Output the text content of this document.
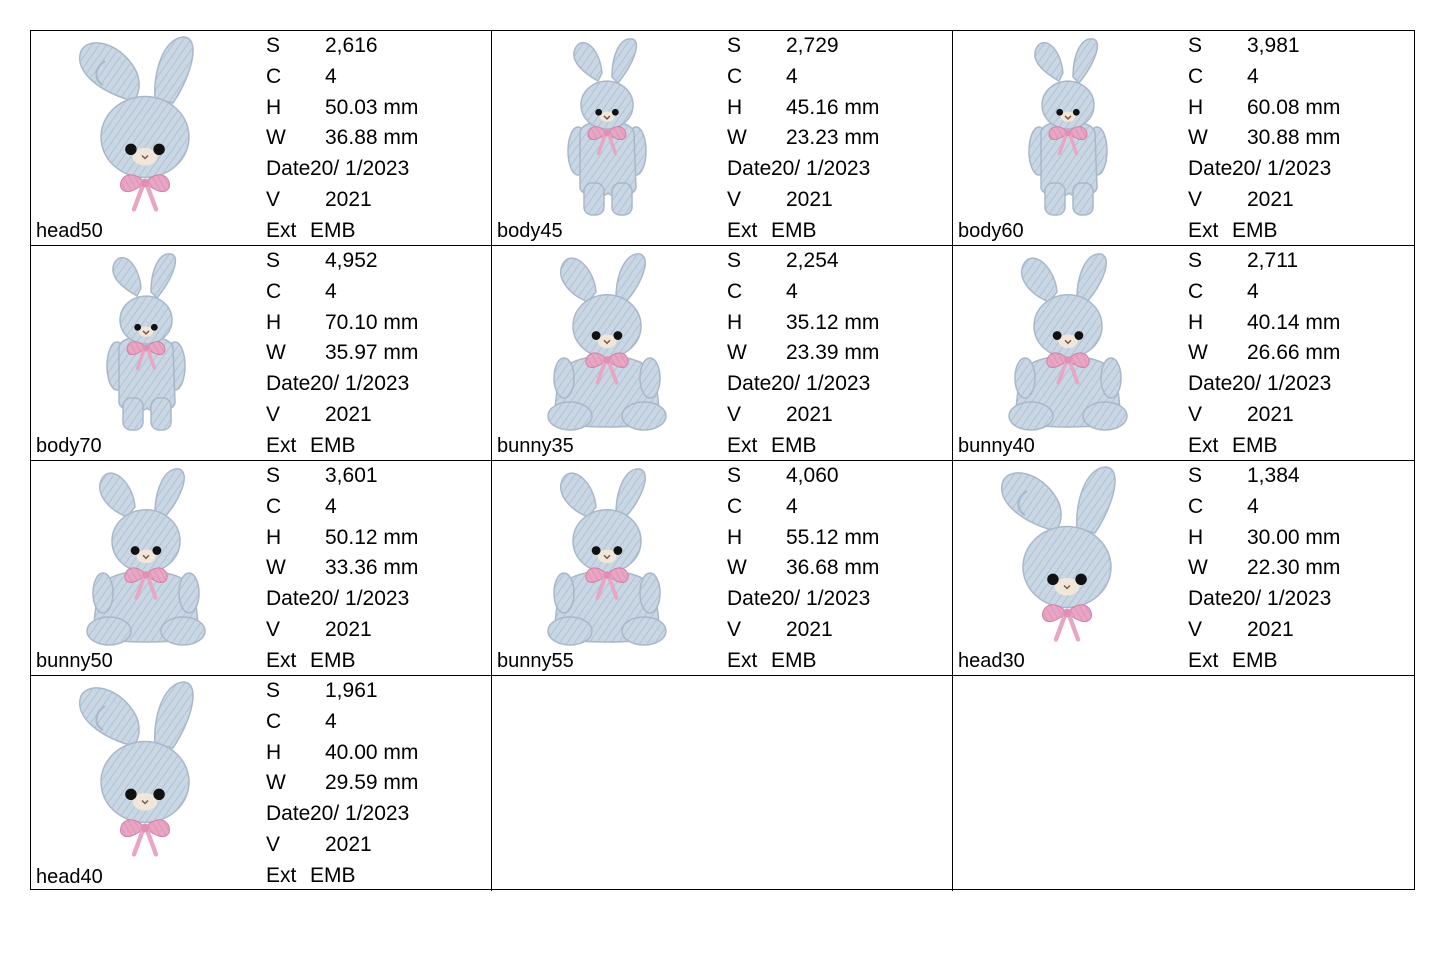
S 2,616
C 4
H 50.03 mm
W 36.88 mm
Date 20/ 1/2023
V 2021
Ext EMB
head50
S 2,729
C 4
H 45.16 mm
W 23.23 mm
Date 20/ 1/2023
V 2021
Ext EMB
body45
S 3,981
C 4
H 60.08 mm
W 30.88 mm
Date 20/ 1/2023
V 2021
Ext EMB
body60
S 4,952
C 4
H 70.10 mm
W 35.97 mm
Date 20/ 1/2023
V 2021
Ext EMB
body70
S 2,254
C 4
H 35.12 mm
W 23.39 mm
Date 20/ 1/2023
V 2021
Ext EMB
bunny35
S 2,711
C 4
H 40.14 mm
W 26.66 mm
Date 20/ 1/2023
V 2021
Ext EMB
bunny40
S 3,601
C 4
H 50.12 mm
W 33.36 mm
Date 20/ 1/2023
V 2021
Ext EMB
bunny50
S 4,060
C 4
H 55.12 mm
W 36.68 mm
Date 20/ 1/2023
V 2021
Ext EMB
bunny55
S 1,384
C 4
H 30.00 mm
W 22.30 mm
Date 20/ 1/2023
V 2021
Ext EMB
head30
S 1,961
C 4
H 40.00 mm
W 29.59 mm
Date 20/ 1/2023
V 2021
Ext EMB
head40
